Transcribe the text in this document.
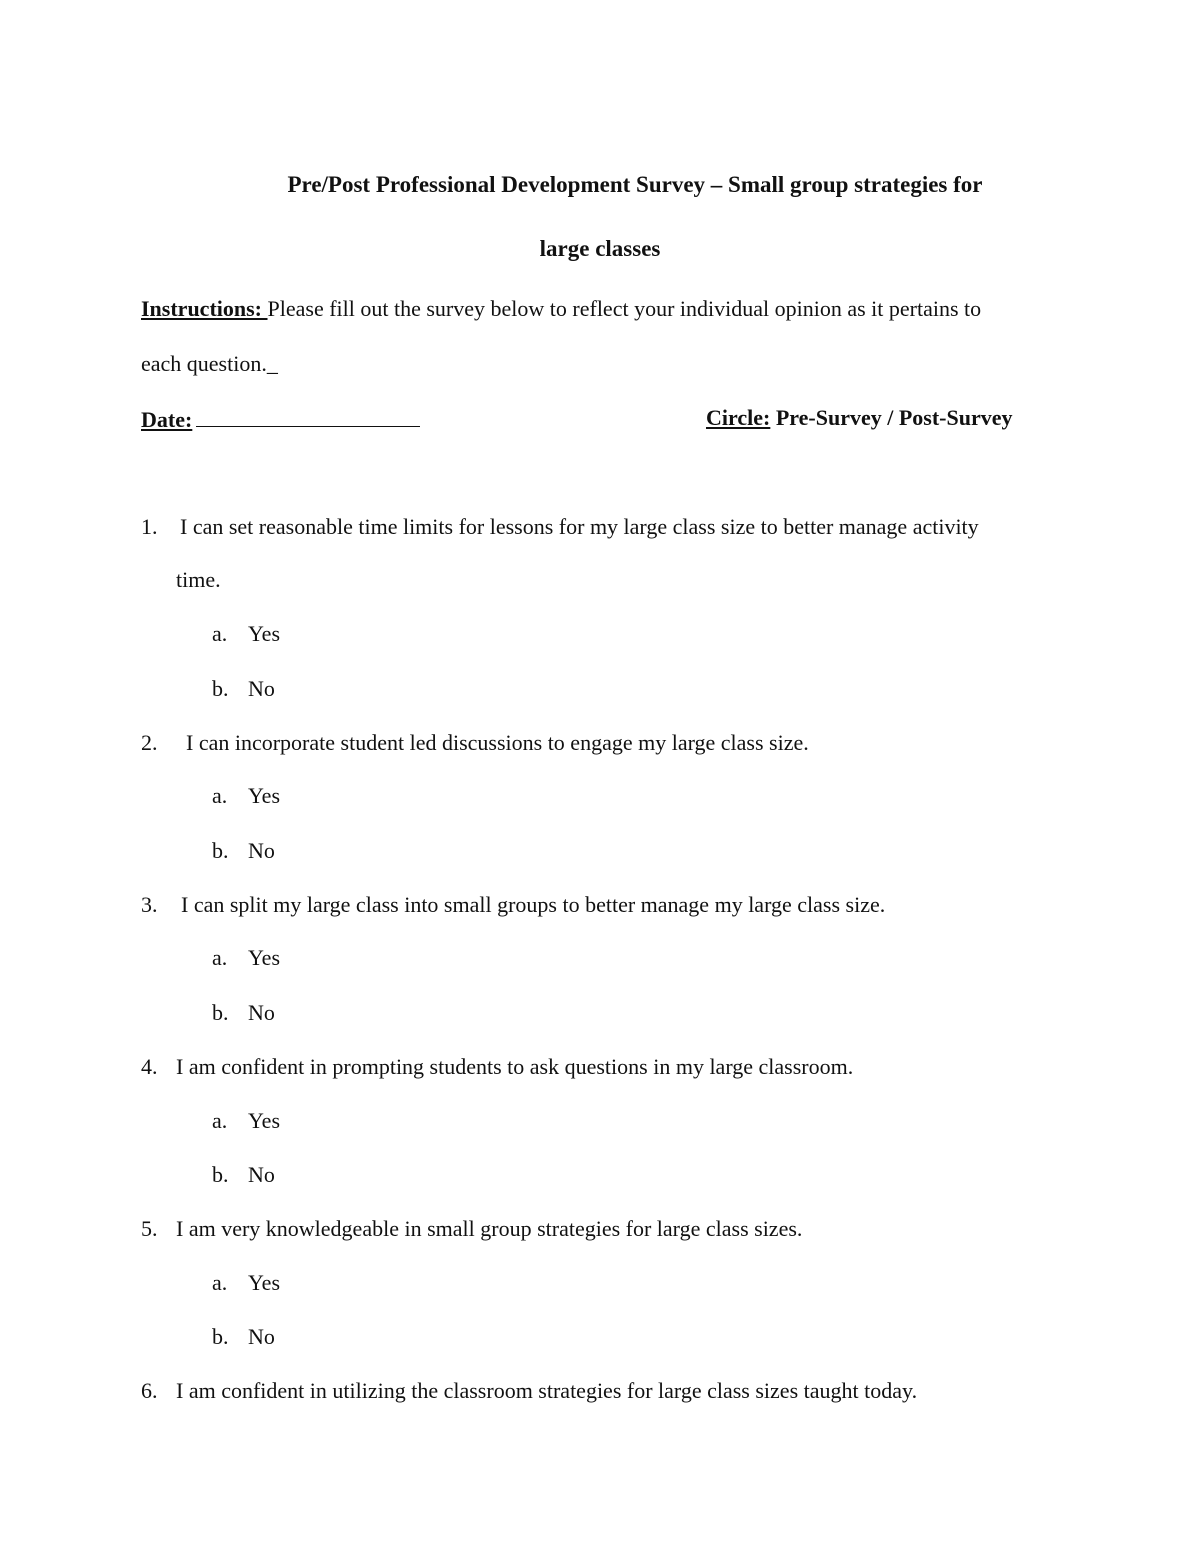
Pre/Post Professional Development Survey – Small group strategies for
large classes
Instructions: Please fill out the survey below to reflect your individual opinion as it pertains to
each question._
Date:	Circle: Pre-Survey / Post-Survey
1. I can set reasonable time limits for lessons for my large class size to better manage activity
time.
a. Yes
b. No
2. I can incorporate student led discussions to engage my large class size.
a. Yes
b. No
3. I can split my large class into small groups to better manage my large class size.
a. Yes
b. No
4. I am confident in prompting students to ask questions in my large classroom.
a. Yes
b. No
5. I am very knowledgeable in small group strategies for large class sizes.
a. Yes
b. No
6. I am confident in utilizing the classroom strategies for large class sizes taught today.
